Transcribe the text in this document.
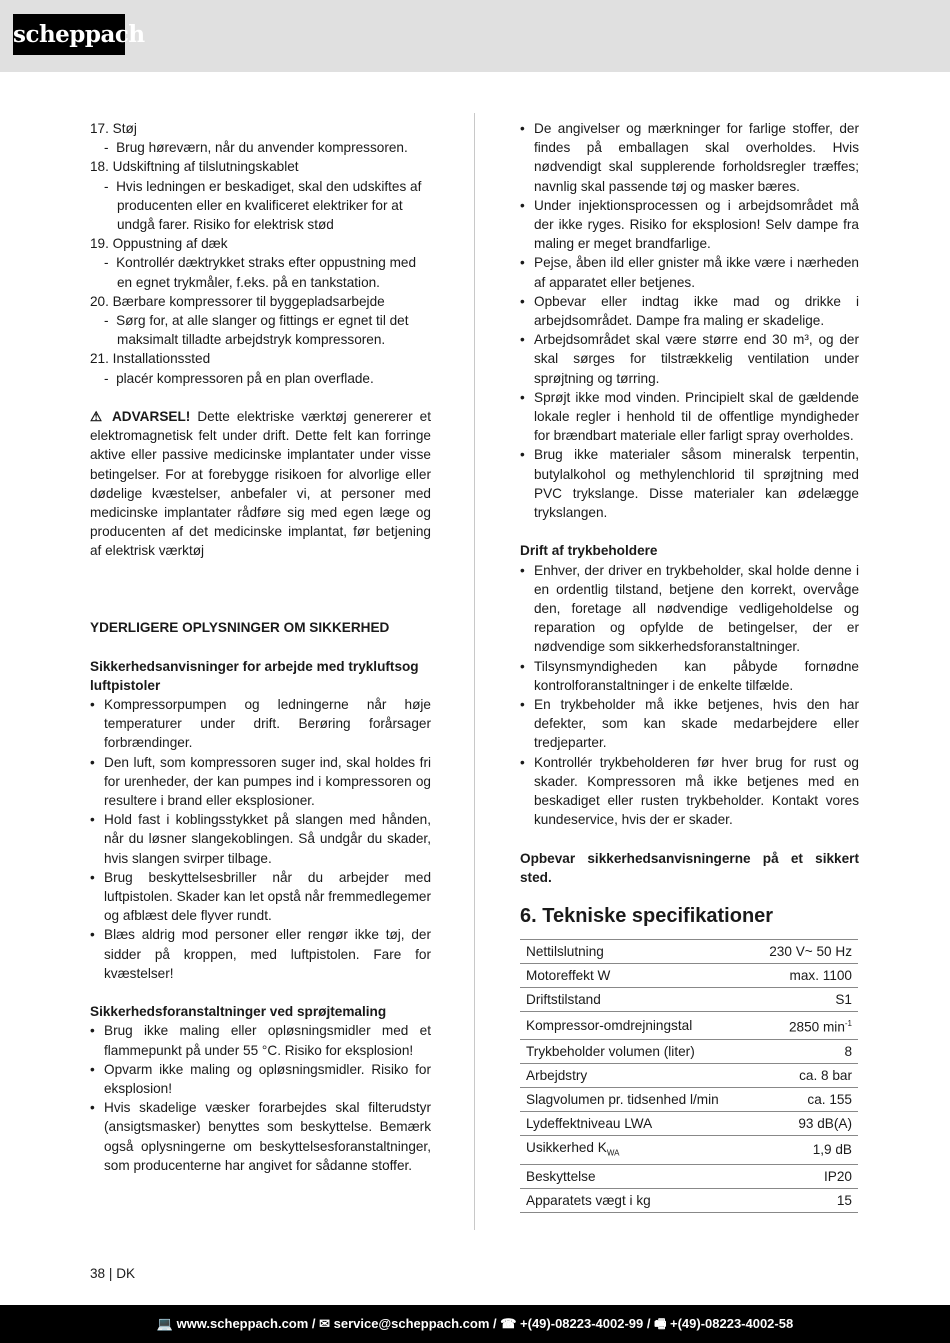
scheppach

17. Støj

-  Brug høreværn, når du anvender kompressoren.

18. Udskiftning af tilslutningskablet

-  Hvis ledningen er beskadiget, skal den udskiftes af producenten eller en kvalificeret elektriker for at undgå farer. Risiko for elektrisk stød

19. Oppustning af dæk

-  Kontrollér dæktrykket straks efter oppustning med en egnet trykmåler, f.eks. på en tankstation.

20. Bærbare kompressorer til byggepladsarbejde

-  Sørg for, at alle slanger og fittings er egnet til det maksimalt tilladte arbejdstryk kompressoren.

21. Installationssted

-  placér kompressoren på en plan overflade.

⚠ ADVARSEL! Dette elektriske værktøj genererer et elektromagnetisk felt under drift. Dette felt kan forringe aktive eller passive medicinske implantater under visse betingelser. For at forebygge risikoen for alvorlige eller dødelige kvæstelser, anbefaler vi, at personer med medicinske implantater rådføre sig med egen læge og producenten af det medicinske implantat, før betjening af elektrisk værktøj

YDERLIGERE OPLYSNINGER OM SIKKERHED

Sikkerhedsanvisninger for arbejde med trykluftsog luftpistoler

• Kompressorpumpen og ledningerne når høje temperaturer under drift. Berøring forårsager forbrændinger.

• Den luft, som kompressoren suger ind, skal holdes fri for urenheder, der kan pumpes ind i kompressoren og resultere i brand eller eksplosioner.

• Hold fast i koblingsstykket på slangen med hånden, når du løsner slangekoblingen. Så undgår du skader, hvis slangen svirper tilbage.

• Brug beskyttelsesbriller når du arbejder med luftpistolen. Skader kan let opstå når fremmedlegemer og afblæst dele flyver rundt.

• Blæs aldrig mod personer eller rengør ikke tøj, der sidder på kroppen, med luftpistolen. Fare for kvæstelser!

Sikkerhedsforanstaltninger ved sprøjtemaling

• Brug ikke maling eller opløsningsmidler med et flammepunkt på under 55 °C. Risiko for eksplosion!

• Opvarm ikke maling og opløsningsmidler. Risiko for eksplosion!

• Hvis skadelige væsker forarbejdes skal filterudstyr (ansigtsmasker) benyttes som beskyttelse. Bemærk også oplysningerne om beskyttelsesforanstaltninger, som producenterne har angivet for sådanne stoffer.

• De angivelser og mærkninger for farlige stoffer, der findes på emballagen skal overholdes. Hvis nødvendigt skal supplerende forholdsregler træffes; navnlig skal passende tøj og masker bæres.

• Under injektionsprocessen og i arbejdsområdet må der ikke ryges. Risiko for eksplosion! Selv dampe fra maling er meget brandfarlige.

• Pejse, åben ild eller gnister må ikke være i nærheden af apparatet eller betjenes.

• Opbevar eller indtag ikke mad og drikke i arbejdsområdet. Dampe fra maling er skadelige.

• Arbejdsområdet skal være større end 30 m³, og der skal sørges for tilstrækkelig ventilation under sprøjtning og tørring.

• Sprøjt ikke mod vinden. Principielt skal de gældende lokale regler i henhold til de offentlige myndigheder for brændbart materiale eller farligt spray overholdes.

• Brug ikke materialer såsom mineralsk terpentin, butylalkohol og methylenchlorid til sprøjtning med PVC trykslange. Disse materialer kan ødelægge trykslangen.

Drift af trykbeholdere

• Enhver, der driver en trykbeholder, skal holde denne i en ordentlig tilstand, betjene den korrekt, overvåge den, foretage all nødvendige vedligeholdelse og reparation og opfylde de betingelser, der er nødvendige som sikkerhedsforanstaltninger.

• Tilsynsmyndigheden kan påbyde fornødne kontrolforanstaltninger i de enkelte tilfælde.

• En trykbeholder må ikke betjenes, hvis den har defekter, som kan skade medarbejdere eller tredjeparter.

• Kontrollér trykbeholderen før hver brug for rust og skader. Kompressoren må ikke betjenes med en beskadiget eller rusten trykbeholder. Kontakt vores kundeservice, hvis der er skader.

Opbevar sikkerhedsanvisningerne på et sikkert sted.

6. Tekniske specifikationer

Nettilslutning	230 V~ 50 Hz
Motoreffekt W	max. 1100
Driftstilstand	S1
Kompressor-omdrejningstal	2850 $\min^{-1}$
Trykbeholder volumen (liter)	8
Arbejdstry	ca. 8 bar
Slagvolumen pr. tidsenhed l/min	ca. 155
Lydeffektniveau LWA	93 dB(A)
Usikkerhed $K_{WA}$	1,9 dB
Beskyttelse	IP20
Apparatets vægt i kg	15
38 | DK
💻 www.scheppach.com / ✉ service@scheppach.com / ☎ +(49)-08223-4002-99 / 🖷 +(49)-08223-4002-58
